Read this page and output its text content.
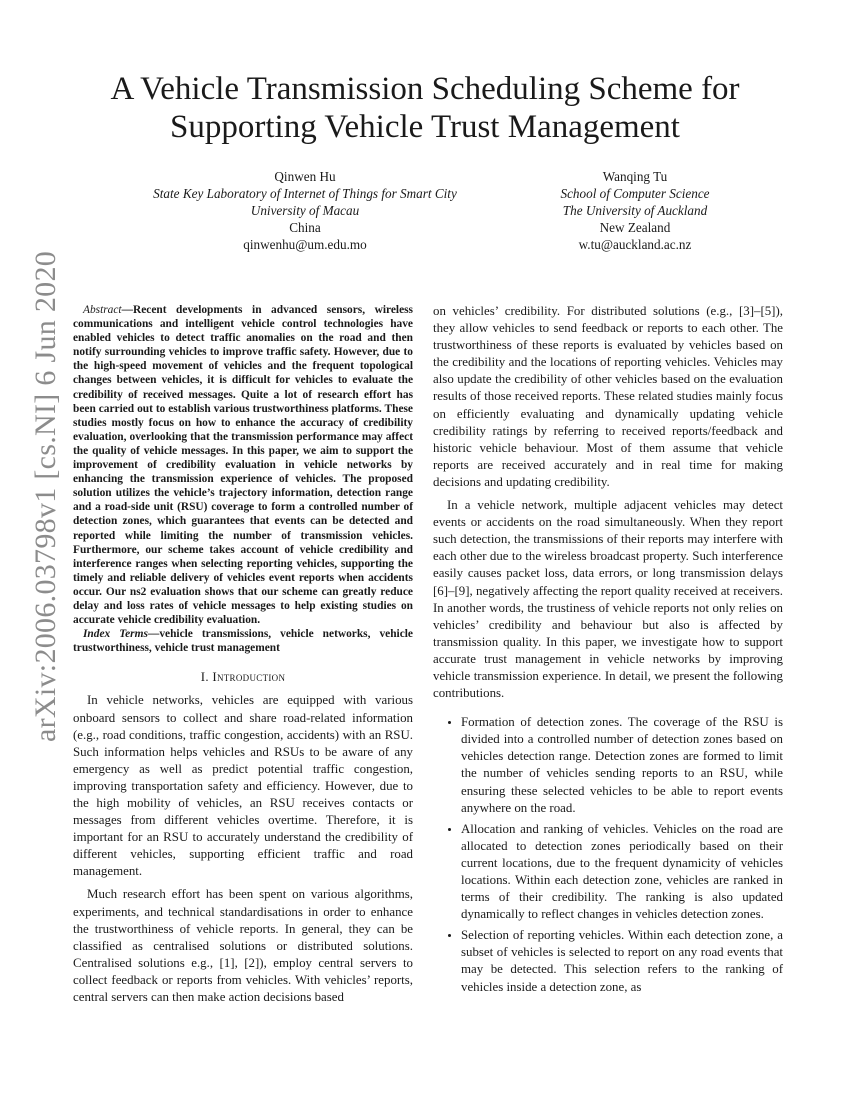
arXiv:2006.03798v1 [cs.NI] 6 Jun 2020
A Vehicle Transmission Scheduling Scheme for
Supporting Vehicle Trust Management
Qinwen Hu
State Key Laboratory of Internet of Things for Smart City
University of Macau
China
qinwenhu@um.edu.mo
Wanqing Tu
School of Computer Science
The University of Auckland
New Zealand
w.tu@auckland.ac.nz

Abstract—Recent developments in advanced sensors, wireless communications and intelligent vehicle control technologies have enabled vehicles to detect traffic anomalies on the road and then notify surrounding vehicles to improve traffic safety. However, due to the high-speed movement of vehicles and the frequent topological changes between vehicles, it is difficult for vehicles to evaluate the credibility of received messages. Quite a lot of research effort has been carried out to establish various trustworthiness platforms. These studies mostly focus on how to enhance the accuracy of credibility evaluation, overlooking that the transmission performance may affect the quality of vehicle messages. In this paper, we aim to support the improvement of credibility evaluation in vehicle networks by enhancing the transmission experience of vehicles. The proposed solution utilizes the vehicle’s trajectory information, detection range and a road-side unit (RSU) coverage to form a controlled number of detection zones, which guarantees that events can be detected and reported while limiting the number of transmission vehicles. Furthermore, our scheme takes account of vehicle credibility and interference ranges when selecting reporting vehicles, supporting the timely and reliable delivery of vehicles event reports when accidents occur. Our ns2 evaluation shows that our scheme can greatly reduce delay and loss rates of vehicle messages to help existing studies on accurate vehicle credibility evaluation.

Index Terms—vehicle transmissions, vehicle networks, vehicle trustworthiness, vehicle trust management

I. Introduction

In vehicle networks, vehicles are equipped with various onboard sensors to collect and share road-related information (e.g., road conditions, traffic congestion, accidents) with an RSU. Such information helps vehicles and RSUs to be aware of any emergency as well as predict potential traffic congestion, improving transportation safety and efficiency. However, due to the high mobility of vehicles, an RSU receives contacts or messages from different vehicles overtime. Therefore, it is important for an RSU to accurately understand the credibility of different vehicles, supporting efficient traffic and road management.

Much research effort has been spent on various algorithms, experiments, and technical standardisations in order to enhance the trustworthiness of vehicle reports. In general, they can be classified as centralised solutions or distributed solutions. Centralised solutions e.g., [1], [2]), employ central servers to collect feedback or reports from vehicles. With vehicles’ reports, central servers can then make action decisions based

on vehicles’ credibility. For distributed solutions (e.g., [3]–[5]), they allow vehicles to send feedback or reports to each other. The trustworthiness of these reports is evaluated by vehicles based on the credibility and the locations of reporting vehicles. Vehicles may also update the credibility of other vehicles based on the evaluation results of those received reports. These related studies mainly focus on efficiently evaluating and dynamically updating vehicle credibility ratings by referring to received reports/feedback and historic vehicle behaviour. Most of them assume that vehicle reports are received accurately and in real time for making decisions and updating credibility.

In a vehicle network, multiple adjacent vehicles may detect events or accidents on the road simultaneously. When they report such detection, the transmissions of their reports may interfere with each other due to the wireless broadcast property. Such interference easily causes packet loss, data errors, or long transmission delays [6]–[9], negatively affecting the report quality received at receivers. In another words, the trustiness of vehicle reports not only relies on vehicles’ credibility and behaviour but also is affected by transmission quality. In this paper, we investigate how to support accurate trust management in vehicle networks by improving vehicle transmission experience. In detail, we present the following contributions.

• Formation of detection zones. The coverage of the RSU is divided into a controlled number of detection zones based on vehicles detection range. Detection zones are formed to limit the number of vehicles sending reports to an RSU, while ensuring these selected vehicles to be able to report events anywhere on the road.
• Allocation and ranking of vehicles. Vehicles on the road are allocated to detection zones periodically based on their current locations, due to the frequent dynamicity of vehicles locations. Within each detection zone, vehicles are ranked in terms of their credibility. The ranking is also updated dynamically to reflect changes in vehicles detection zones.
• Selection of reporting vehicles. Within each detection zone, a subset of vehicles is selected to report on any road events that may be detected. This selection refers to the ranking of vehicles inside a detection zone, as
